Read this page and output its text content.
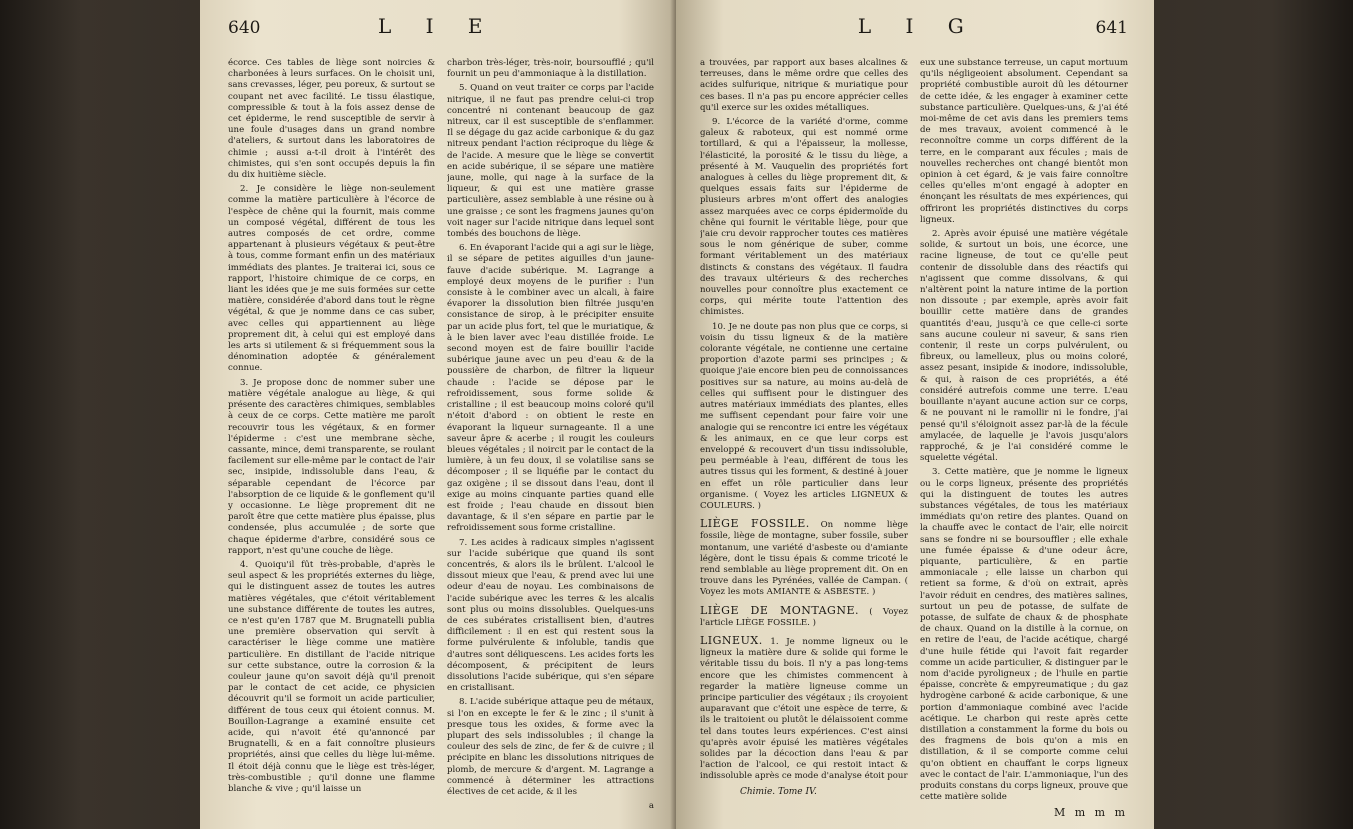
640	L I E

écorce. Ces tables de liège sont noircies & charbonées à leurs surfaces. On le choisit uni, sans crevasses, léger, peu poreux, & surtout se coupant net avec facilité. Le tissu élastique, compressible & tout à la fois assez dense de cet épiderme, le rend susceptible de servir à une foule d'usages dans un grand nombre d'ateliers, & surtout dans les laboratoires de chimie ; aussi a-t-il droit à l'intérêt des chimistes, qui s'en sont occupés depuis la fin du dix huitième siècle.

2. Je considère le liège non-seulement comme la matière particulière à l'écorce de l'espèce de chêne qui la fournit, mais comme un composé végétal, différent de tous les autres composés de cet ordre, comme appartenant à plusieurs végétaux & peut-être à tous, comme formant enfin un des matériaux immédiats des plantes. Je traiterai ici, sous ce rapport, l'histoire chimique de ce corps, en liant les idées que je me suis formées sur cette matière, considérée d'abord dans tout le règne végétal, & que je nomme dans ce cas suber, avec celles qui appartiennent au liège proprement dit, à celui qui est employé dans les arts si utilement & si fréquemment sous la dénomination adoptée & généralement connue.

3. Je propose donc de nommer suber une matière végétale analogue au liège, & qui présente des caractères chimiques, semblables à ceux de ce corps. Cette matière me paroît recouvrir tous les végétaux, & en former l'épiderme : c'est une membrane sèche, cassante, mince, demi transparente, se roulant facilement sur elle-même par le contact de l'air sec, insipide, indissoluble dans l'eau, & séparable cependant de l'écorce par l'absorption de ce liquide & le gonflement qu'il y occasionne. Le liège proprement dit ne paroît être que cette matière plus épaisse, plus condensée, plus accumulée ; de sorte que chaque épiderme d'arbre, considéré sous ce rapport, n'est qu'une couche de liège.

4. Quoiqu'il fût très-probable, d'après le seul aspect & les propriétés externes du liège, qui le distinguent assez de toutes les autres matières végétales, que c'étoit véritablement une substance différente de toutes les autres, ce n'est qu'en 1787 que M. Brugnatelli publia une première observation qui servît à caractériser le liège comme une matière particulière. En distillant de l'acide nitrique sur cette substance, outre la corrosion & la couleur jaune qu'on savoit déjà qu'il prenoit par le contact de cet acide, ce physicien découvrit qu'il se formoit un acide particulier, différent de tous ceux qui étoient connus. M. Bouillon-Lagrange a examiné ensuite cet acide, qui n'avoit été qu'annoncé par Brugnatelli, & en a fait connoître plusieurs propriétés, ainsi que celles du liège lui-même. Il étoit déjà connu que le liège est très-léger, très-combustible ; qu'il donne une flamme blanche & vive ; qu'il laisse un

charbon très-léger, très-noir, boursoufflé ; qu'il fournit un peu d'ammoniaque à la distillation.

5. Quand on veut traiter ce corps par l'acide nitrique, il ne faut pas prendre celui-ci trop concentré ni contenant beaucoup de gaz nitreux, car il est susceptible de s'enflammer. Il se dégage du gaz acide carbonique & du gaz nitreux pendant l'action réciproque du liège & de l'acide. A mesure que le liège se convertit en acide subérique, il se sépare une matière jaune, molle, qui nage à la surface de la liqueur, & qui est une matière grasse particulière, assez semblable à une résine ou à une graisse ; ce sont les fragmens jaunes qu'on voit nager sur l'acide nitrique dans lequel sont tombés des bouchons de liège.

6. En évaporant l'acide qui a agi sur le liège, il se sépare de petites aiguilles d'un jaune-fauve d'acide subérique. M. Lagrange a employé deux moyens de le purifier : l'un consiste à le combiner avec un alcali, à faire évaporer la dissolution bien filtrée jusqu'en consistance de sirop, à le précipiter ensuite par un acide plus fort, tel que le muriatique, & à le bien laver avec l'eau distillée froide. Le second moyen est de faire bouillir l'acide subérique jaune avec un peu d'eau & de la poussière de charbon, de filtrer la liqueur chaude : l'acide se dépose par le refroidissement, sous forme solide & cristalline ; il est beaucoup moins coloré qu'il n'étoit d'abord : on obtient le reste en évaporant la liqueur surnageante. Il a une saveur âpre & acerbe ; il rougit les couleurs bleues végétales ; il noircit par le contact de la lumière, à un feu doux, il se volatilise sans se décomposer ; il se liquéfie par le contact du gaz oxigène ; il se dissout dans l'eau, dont il exige au moins cinquante parties quand elle est froide ; l'eau chaude en dissout bien davantage, & il s'en sépare en partie par le refroidissement sous forme cristalline.

7. Les acides à radicaux simples n'agissent sur l'acide subérique que quand ils sont concentrés, & alors ils le brûlent. L'alcool le dissout mieux que l'eau, & prend avec lui une odeur d'eau de noyau. Les combinaisons de l'acide subérique avec les terres & les alcalis sont plus ou moins dissolubles. Quelques-uns de ces subérates cristallisent bien, d'autres difficilement : il en est qui restent sous la forme pulvérulente & infoluble, tandis que d'autres sont déliquescens. Les acides forts les décomposent, & précipitent de leurs dissolutions l'acide subérique, qui s'en sépare en cristallisant.

8. L'acide subérique attaque peu de métaux, si l'on en excepte le fer & le zinc ; il s'unit à presque tous les oxides, & forme avec la plupart des sels indissolubles ; il change la couleur des sels de zinc, de fer & de cuivre ; il précipite en blanc les dissolutions nitriques de plomb, de mercure & d'argent. M. Lagrange a commencé à déterminer les attractions électives de cet acide, & il les

a
L I G	641

a trouvées, par rapport aux bases alcalines & terreuses, dans le même ordre que celles des acides sulfurique, nitrique & muriatique pour ces bases. Il n'a pas pu encore apprécier celles qu'il exerce sur les oxides métalliques.

9. L'écorce de la variété d'orme, comme galeux & raboteux, qui est nommé orme tortillard, & qui a l'épaisseur, la mollesse, l'élasticité, la porosité & le tissu du liège, a présenté à M. Vauquelin des propriétés fort analogues à celles du liège proprement dit, & quelques essais faits sur l'épiderme de plusieurs arbres m'ont offert des analogies assez marquées avec ce corps épidermoïde du chêne qui fournit le véritable liège, pour que j'aie cru devoir rapprocher toutes ces matières sous le nom générique de suber, comme formant véritablement un des matériaux distincts & constans des végétaux. Il faudra des travaux ultérieurs & des recherches nouvelles pour connoître plus exactement ce corps, qui mérite toute l'attention des chimistes.

10. Je ne doute pas non plus que ce corps, si voisin du tissu ligneux & de la matière colorante végétale, ne contienne une certaine proportion d'azote parmi ses principes ; & quoique j'aie encore bien peu de connoissances positives sur sa nature, au moins au-delà de celles qui suffisent pour le distinguer des autres matériaux immédiats des plantes, elles me suffisent cependant pour faire voir une analogie qui se rencontre ici entre les végétaux & les animaux, en ce que leur corps est enveloppé & recouvert d'un tissu indissoluble, peu perméable à l'eau, différent de tous les autres tissus qui les forment, & destiné à jouer en effet un rôle particulier dans leur organisme. ( Voyez les articles LIGNEUX & COULEURS. )

LIÈGE FOSSILE. On nomme liège fossile, liège de montagne, suber fossile, suber montanum, une variété d'asbeste ou d'amiante légère, dont le tissu épais & comme tricoté le rend semblable au liège proprement dit. On en trouve dans les Pyrénées, vallée de Campan. ( Voyez les mots AMIANTE & ASBESTE. )

LIÈGE DE MONTAGNE. ( Voyez l'article LIÈGE FOSSILE. )

LIGNEUX. 1. Je nomme ligneux ou le ligneux la matière dure & solide qui forme le véritable tissu du bois. Il n'y a pas long-tems encore que les chimistes commencent à regarder la matière ligneuse comme un principe particulier des végétaux ; ils croyoient auparavant que c'étoit une espèce de terre, & ils le traitoient ou plutôt le délaissoient comme tel dans toutes leurs expériences. C'est ainsi qu'après avoir épuisé les matières végétales solides par la décoction dans l'eau & par l'action de l'alcool, ce qui restoit intact & indissoluble après ce mode d'analyse étoit pour

Chimie. Tome IV.

eux une substance terreuse, un caput mortuum qu'ils négligeoient absolument. Cependant sa propriété combustible auroit dû les détourner de cette idée, & les engager à examiner cette substance particulière. Quelques-uns, & j'ai été moi-même de cet avis dans les premiers tems de mes travaux, avoient commencé à le reconnoître comme un corps différent de la terre, en le comparant aux fécules ; mais de nouvelles recherches ont changé bientôt mon opinion à cet égard, & je vais faire connoître celles qu'elles m'ont engagé à adopter en énonçant les résultats de mes expériences, qui offriront les propriétés distinctives du corps ligneux.

2. Après avoir épuisé une matière végétale solide, & surtout un bois, une écorce, une racine ligneuse, de tout ce qu'elle peut contenir de dissoluble dans des réactifs qui n'agissent que comme dissolvans, & qui n'altèrent point la nature intime de la portion non dissoute ; par exemple, après avoir fait bouillir cette matière dans de grandes quantités d'eau, jusqu'à ce que celle-ci sorte sans aucune couleur ni saveur, & sans rien contenir, il reste un corps pulvérulent, ou fibreux, ou lamelleux, plus ou moins coloré, assez pesant, insipide & inodore, indissoluble, & qui, à raison de ces propriétés, a été considéré autrefois comme une terre. L'eau bouillante n'ayant aucune action sur ce corps, & ne pouvant ni le ramollir ni le fondre, j'ai pensé qu'il s'éloignoit assez par-là de la fécule amylacée, de laquelle je l'avois jusqu'alors rapproché, & je l'ai considéré comme le squelette végétal.

3. Cette matière, que je nomme le ligneux ou le corps ligneux, présente des propriétés qui la distinguent de toutes les autres substances végétales, de tous les matériaux immédiats qu'on retire des plantes. Quand on la chauffe avec le contact de l'air, elle noircit sans se fondre ni se boursouffler ; elle exhale une fumée épaisse & d'une odeur âcre, piquante, particulière, & en partie ammoniacale ; elle laisse un charbon qui retient sa forme, & d'où on extrait, après l'avoir réduit en cendres, des matières salines, surtout un peu de potasse, de sulfate de potasse, de sulfate de chaux & de phosphate de chaux. Quand on la distille à la cornue, on en retire de l'eau, de l'acide acétique, chargé d'une huile fétide qui l'avoit fait regarder comme un acide particulier, & distinguer par le nom d'acide pyroligneux ; de l'huile en partie épaisse, concrète & empyreumatique ; du gaz hydrogène carboné & acide carbonique, & une portion d'ammoniaque combiné avec l'acide acétique. Le charbon qui reste après cette distillation a constamment la forme du bois ou des fragmens de bois qu'on a mis en distillation, & il se comporte comme celui qu'on obtient en chauffant le corps ligneux avec le contact de l'air. L'ammoniaque, l'un des produits constans du corps ligneux, prouve que cette matière solide

M m m m
